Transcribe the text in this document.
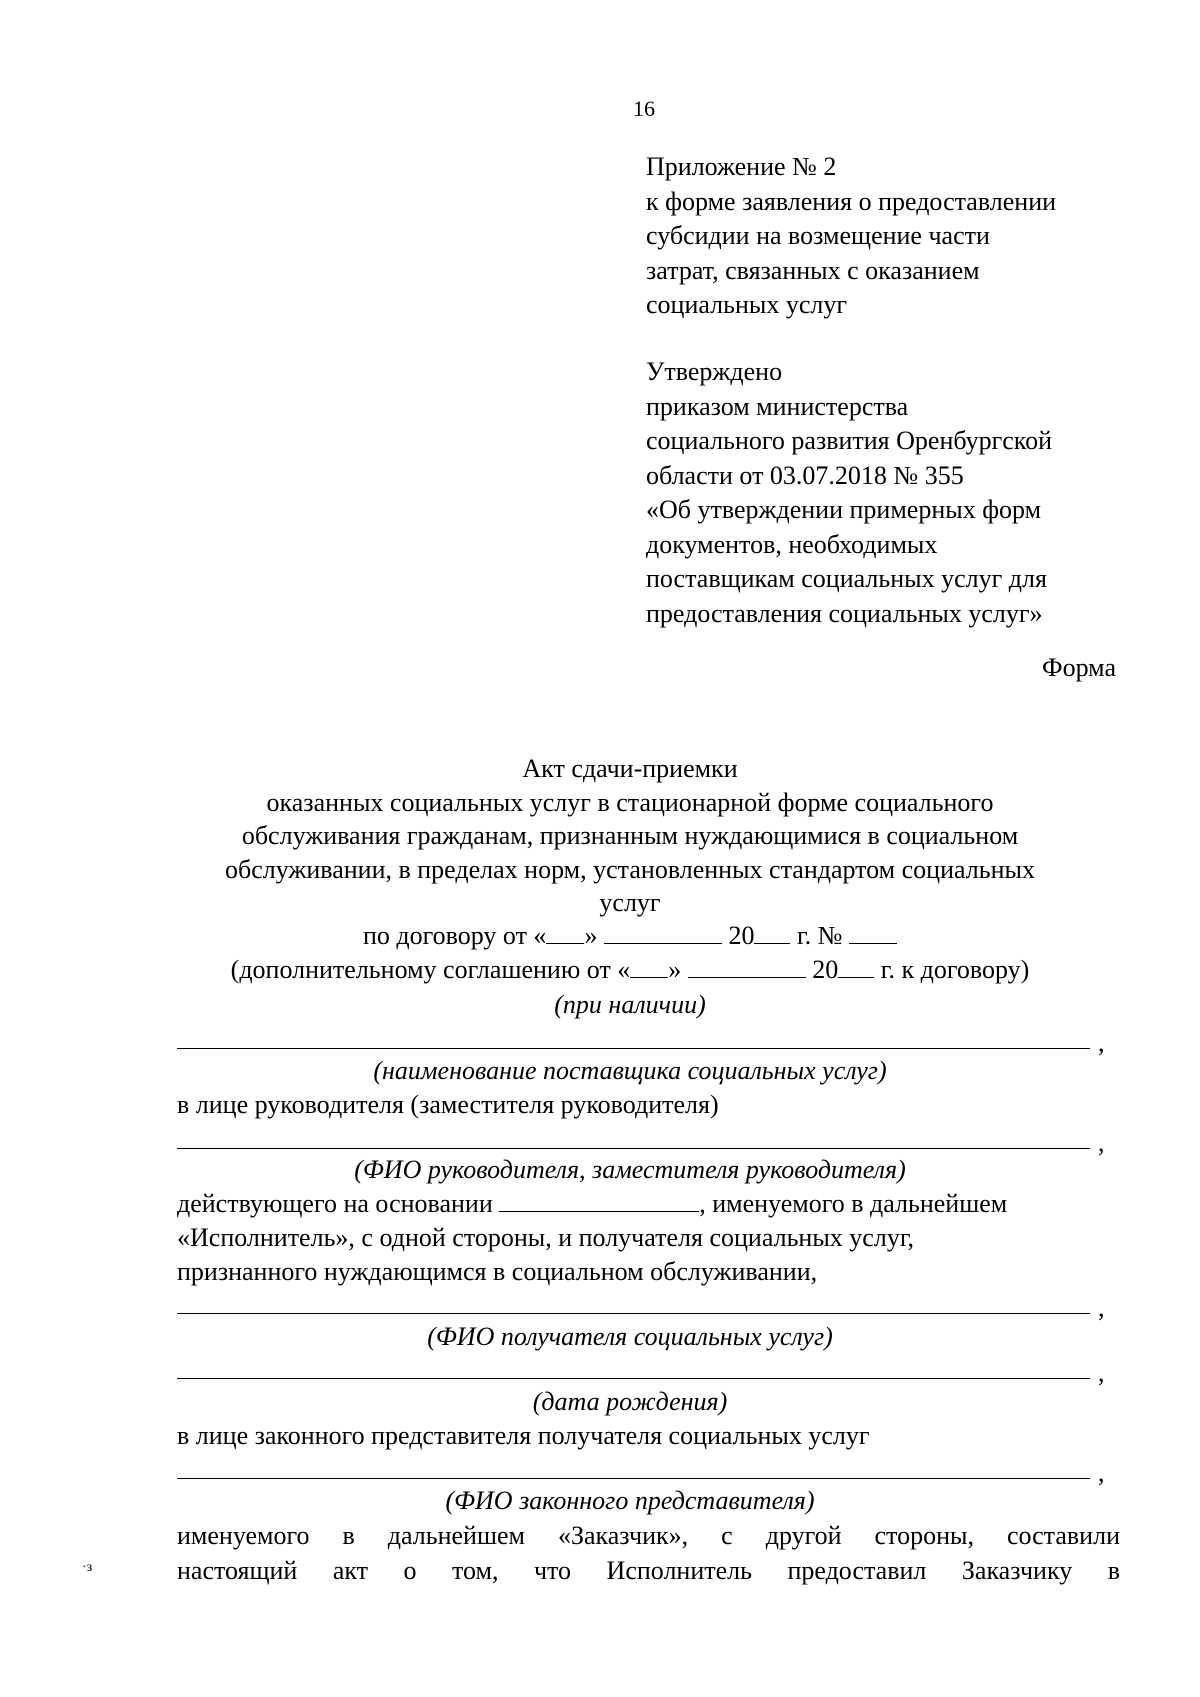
16
Приложение № 2
к форме заявления о предоставлении
субсидии на возмещение части
затрат, связанных с оказанием
социальных услуг
Утверждено
приказом министерства
социального развития Оренбургской
области от 03.07.2018 № 355
«Об утверждении примерных форм
документов, необходимых
поставщикам социальных услуг для
предоставления социальных услуг»
Форма
Акт сдачи-приемки
оказанных социальных услуг в стационарной форме социального
обслуживания гражданам, признанным нуждающимися в социальном
обслуживании, в пределах норм, установленных стандартом социальных
услуг
по договору от « »	20 г. №
(дополнительному соглашению от « »	20 г. к договору)
(при наличии)
,
(наименование поставщика социальных услуг)
в лице руководителя (заместителя руководителя)
,
(ФИО руководителя, заместителя руководителя)
действующего на основании	, именуемого в дальнейшем
«Исполнитель», с одной стороны, и получателя социальных услуг,
признанного нуждающимся в социальном обслуживании,
,
(ФИО получателя социальных услуг)
,
(дата рождения)
в лице законного представителя получателя социальных услуг
,
(ФИО законного представителя)
именуемого в дальнейшем «Заказчик», с другой стороны, составили
настоящий акт о том, что Исполнитель предоставил Заказчику в
·з
